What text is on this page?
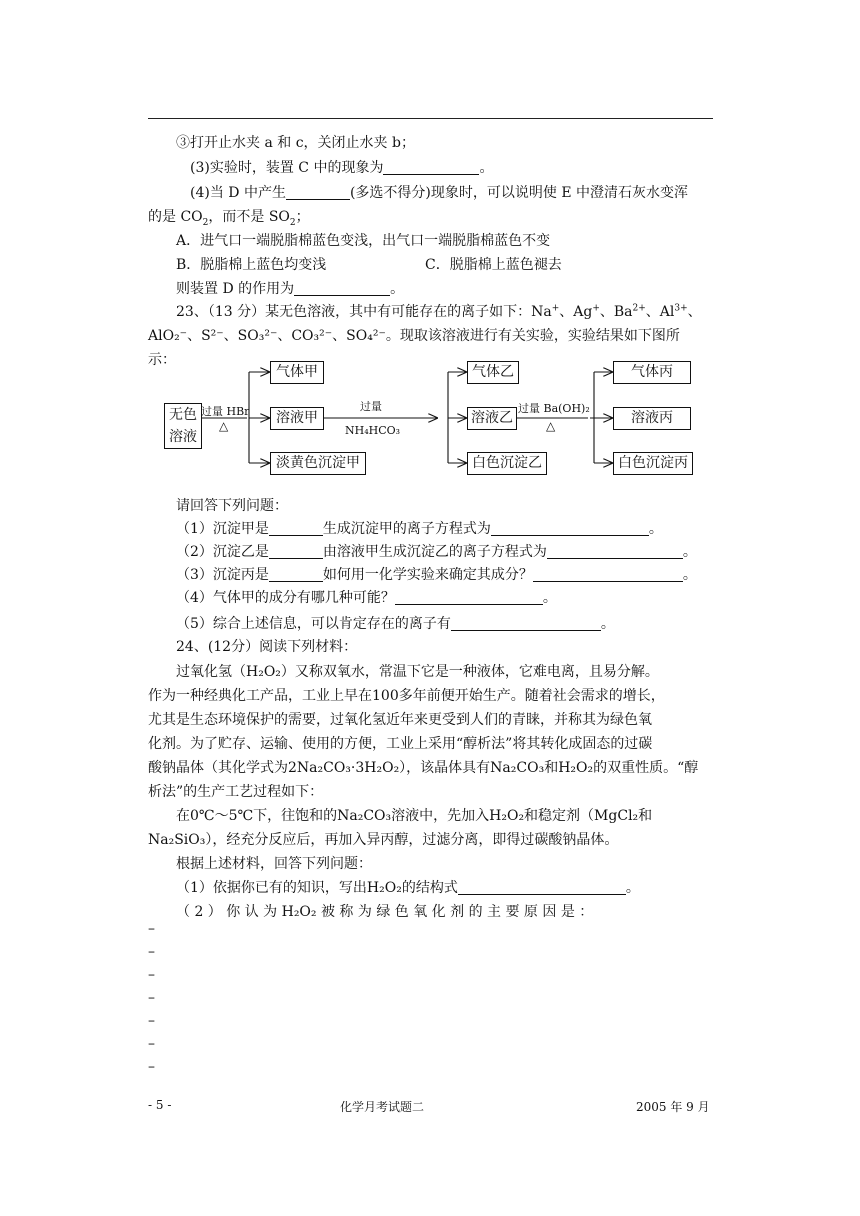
③打开止水夹 a 和 c，关闭止水夹 b；
(3)实验时，装置 C 中的现象为	。
(4)当 D 中产生	(多选不得分)现象时，可以说明使 E 中澄清石灰水变浑
的是 $CO_2$，而不是 $SO_2$；
A．进气口一端脱脂棉蓝色变浅，出气口一端脱脂棉蓝色不变
B．脱脂棉上蓝色均变浅	C．脱脂棉上蓝色褪去
则装置 D 的作用为	。
23、（13 分）某无色溶液，其中有可能存在的离子如下：Na+、Ag+、$Ba^{2+}$、$Al^{3+}$、
AlO₂⁻、S²⁻、SO₃²⁻、CO₃²⁻、SO₄²⁻。现取该溶液进行有关实验，实验结果如下图所
示：
无色
溶液
过量 HBr
△
气体甲
溶液甲
淡黄色沉淀甲
过量
NH₄HCO₃
气体乙
溶液乙
白色沉淀乙
过量 Ba(OH)₂
△
气体丙
溶液丙
白色沉淀丙
请回答下列问题：
（1）沉淀甲是	生成沉淀甲的离子方程式为	。
（2）沉淀乙是	由溶液甲生成沉淀乙的离子方程式为	。
（3）沉淀丙是	如何用一化学实验来确定其成分？	。
（4）气体甲的成分有哪几种可能？	。
（5）综合上述信息，可以肯定存在的离子有	。
24、(12分）阅读下列材料：
过氧化氢（H₂O₂）又称双氧水，常温下它是一种液体，它难电离，且易分解。
作为一种经典化工产品，工业上早在100多年前便开始生产。随着社会需求的增长，
尤其是生态环境保护的需要，过氧化氢近年来更受到人们的青睐，并称其为绿色氧
化剂。为了贮存、运输、使用的方便，工业上采用“醇析法”将其转化成固态的过碳
酸钠晶体（其化学式为2Na₂CO₃·3H₂O₂），该晶体具有Na₂CO₃和H₂O₂的双重性质。“醇
析法”的生产工艺过程如下：
在0℃～5℃下，往饱和的Na₂CO₃溶液中，先加入H₂O₂和稳定剂（MgCl₂和
Na₂SiO₃），经充分反应后，再加入异丙醇，过滤分离，即得过碳酸钠晶体。
根据上述材料，回答下列问题：
（1）依据你已有的知识，写出H₂O₂的结构式	。
（ 2 ） 你 认 为 H₂O₂ 被 称 为 绿 色 氧 化 剂 的 主 要 原 因 是 ：
–
–
–
–
–
–
–
- 5 -	化学月考试题二	2005 年 9 月
